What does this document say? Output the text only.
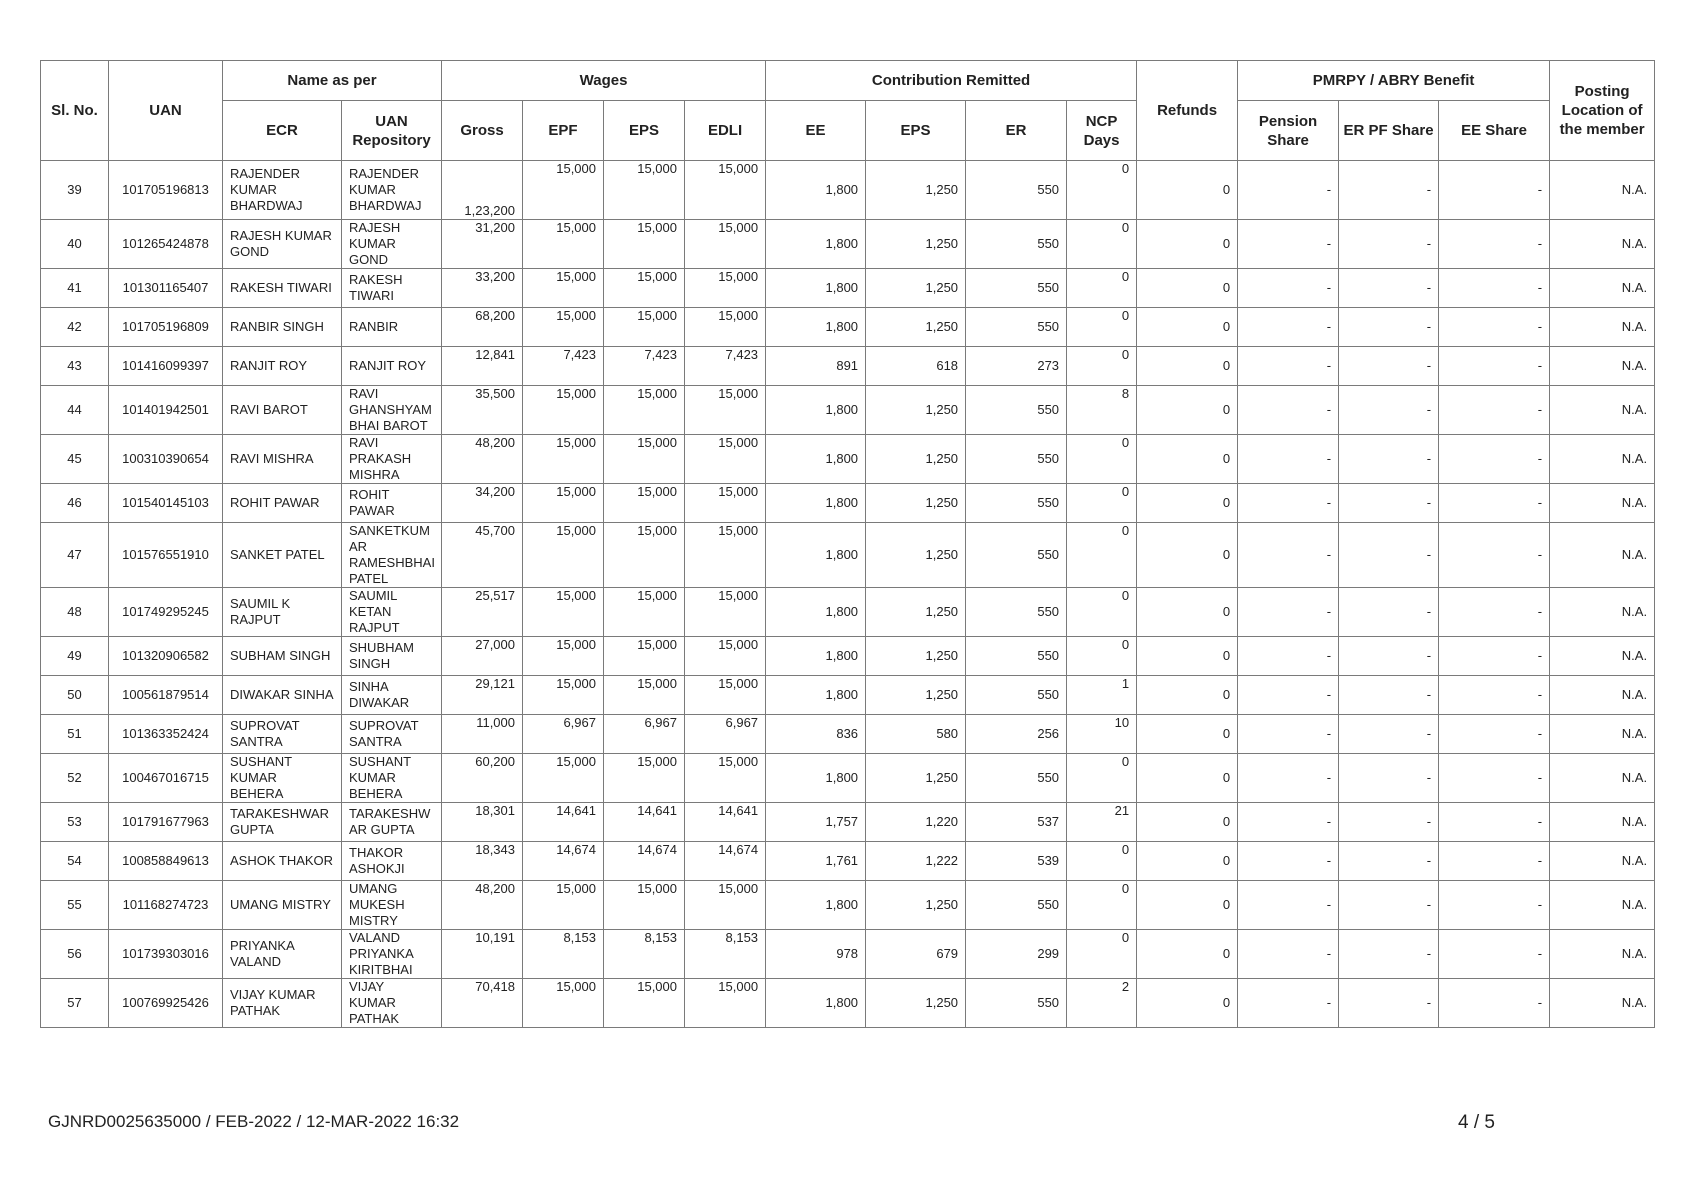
Sl. No.	UAN	Name as per		Wages				Contribution Remitted				Refunds	PMRPY / ABRY Benefit			Posting Location of the member
		ECR	UAN Repository	Gross	EPF	EPS	EDLI	EE	EPS	ER	NCP Days		Pension Share	ER PF Share	EE Share	
39	101705196813	RAJENDER KUMAR BHARDWAJ	RAJENDER KUMAR BHARDWAJ	1,23,200	15,000	15,000	15,000	1,800	1,250	550	0	0	-	-	-	N.A.
40	101265424878	RAJESH KUMAR GOND	RAJESH KUMAR GOND	31,200	15,000	15,000	15,000	1,800	1,250	550	0	0	-	-	-	N.A.
41	101301165407	RAKESH TIWARI	RAKESH TIWARI	33,200	15,000	15,000	15,000	1,800	1,250	550	0	0	-	-	-	N.A.
42	101705196809	RANBIR SINGH	RANBIR	68,200	15,000	15,000	15,000	1,800	1,250	550	0	0	-	-	-	N.A.
43	101416099397	RANJIT ROY	RANJIT ROY	12,841	7,423	7,423	7,423	891	618	273	0	0	-	-	-	N.A.
44	101401942501	RAVI BAROT	RAVI GHANSHYAM BHAI BAROT	35,500	15,000	15,000	15,000	1,800	1,250	550	8	0	-	-	-	N.A.
45	100310390654	RAVI MISHRA	RAVI PRAKASH MISHRA	48,200	15,000	15,000	15,000	1,800	1,250	550	0	0	-	-	-	N.A.
46	101540145103	ROHIT PAWAR	ROHIT PAWAR	34,200	15,000	15,000	15,000	1,800	1,250	550	0	0	-	-	-	N.A.
47	101576551910	SANKET PATEL	SANKETKUM AR RAMESHBHAI PATEL	45,700	15,000	15,000	15,000	1,800	1,250	550	0	0	-	-	-	N.A.
48	101749295245	SAUMIL K RAJPUT	SAUMIL KETAN RAJPUT	25,517	15,000	15,000	15,000	1,800	1,250	550	0	0	-	-	-	N.A.
49	101320906582	SUBHAM SINGH	SHUBHAM SINGH	27,000	15,000	15,000	15,000	1,800	1,250	550	0	0	-	-	-	N.A.
50	100561879514	DIWAKAR SINHA	SINHA DIWAKAR	29,121	15,000	15,000	15,000	1,800	1,250	550	1	0	-	-	-	N.A.
51	101363352424	SUPROVAT SANTRA	SUPROVAT SANTRA	11,000	6,967	6,967	6,967	836	580	256	10	0	-	-	-	N.A.
52	100467016715	SUSHANT KUMAR BEHERA	SUSHANT KUMAR BEHERA	60,200	15,000	15,000	15,000	1,800	1,250	550	0	0	-	-	-	N.A.
53	101791677963	TARAKESHWAR GUPTA	TARAKESHW AR GUPTA	18,301	14,641	14,641	14,641	1,757	1,220	537	21	0	-	-	-	N.A.
54	100858849613	ASHOK THAKOR	THAKOR ASHOKJI	18,343	14,674	14,674	14,674	1,761	1,222	539	0	0	-	-	-	N.A.
55	101168274723	UMANG MISTRY	UMANG MUKESH MISTRY	48,200	15,000	15,000	15,000	1,800	1,250	550	0	0	-	-	-	N.A.
56	101739303016	PRIYANKA VALAND	VALAND PRIYANKA KIRITBHAI	10,191	8,153	8,153	8,153	978	679	299	0	0	-	-	-	N.A.
57	100769925426	VIJAY KUMAR PATHAK	VIJAY KUMAR PATHAK	70,418	15,000	15,000	15,000	1,800	1,250	550	2	0	-	-	-	N.A.
GJNRD0025635000 / FEB-2022 / 12-MAR-2022 16:32	4 / 5
